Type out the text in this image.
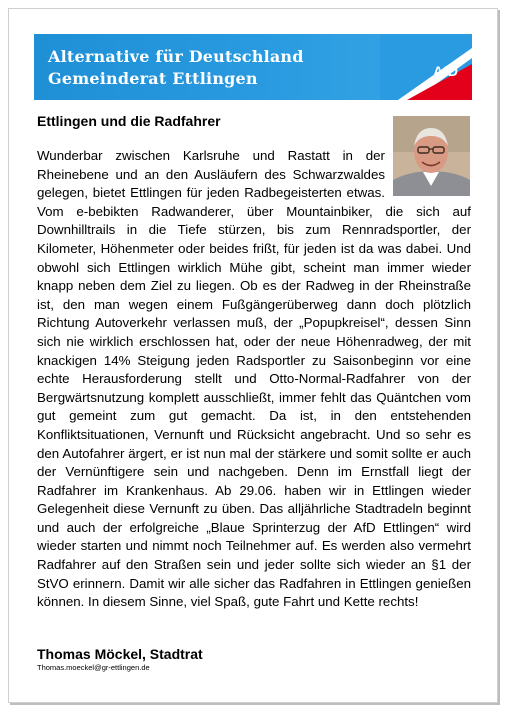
Alternative für Deutschland
Gemeinderat Ettlingen	AfD
Ettlingen und die Radfahrer
Wunderbar zwischen Karlsruhe und Rastatt in der Rheinebene und an den Ausläufern des Schwarzwaldes gelegen, bietet Ettlingen für jeden Radbegeisterten etwas. Vom e-bebikten Radwanderer, über Mountainbiker, die sich auf Downhilltrails in die Tiefe stürzen, bis zum Rennradsportler, der Kilometer, Höhenmeter oder beides frißt, für jeden ist da was dabei. Und obwohl sich Ettlingen wirklich Mühe gibt, scheint man immer wieder knapp neben dem Ziel zu liegen. Ob es der Radweg in der Rheinstraße ist, den man wegen einem Fußgängerüberweg dann doch plötzlich Richtung Autoverkehr verlassen muß, der „Popupkreisel“, dessen Sinn sich nie wirklich erschlossen hat, oder der neue Höhenradweg, der mit knackigen 14% Steigung jeden Radsportler zu Saisonbeginn vor eine echte Herausforderung stellt und Otto-Normal-Radfahrer von der Bergwärtsnutzung komplett ausschließt, immer fehlt das Quäntchen vom gut gemeint zum gut gemacht. Da ist, in den entstehenden Konfliktsituationen, Vernunft und Rücksicht angebracht. Und so sehr es den Autofahrer ärgert, er ist nun mal der stärkere und somit sollte er auch der Vernünftigere sein und nachgeben. Denn im Ernstfall liegt der Radfahrer im Krankenhaus. Ab 29.06. haben wir in Ettlingen wieder Gelegenheit diese Vernunft zu üben. Das alljährliche Stadtradeln beginnt und auch der erfolgreiche „Blaue Sprinterzug der AfD Ettlingen“ wird wieder starten und nimmt noch Teilnehmer auf. Es werden also vermehrt Radfahrer auf den Straßen sein und jeder sollte sich wieder an §1 der StVO erinnern. Damit wir alle sicher das Radfahren in Ettlingen genießen können. In diesem Sinne, viel Spaß, gute Fahrt und Kette rechts!
Thomas Möckel, Stadtrat
Thomas.moeckel@gr-ettlingen.de
